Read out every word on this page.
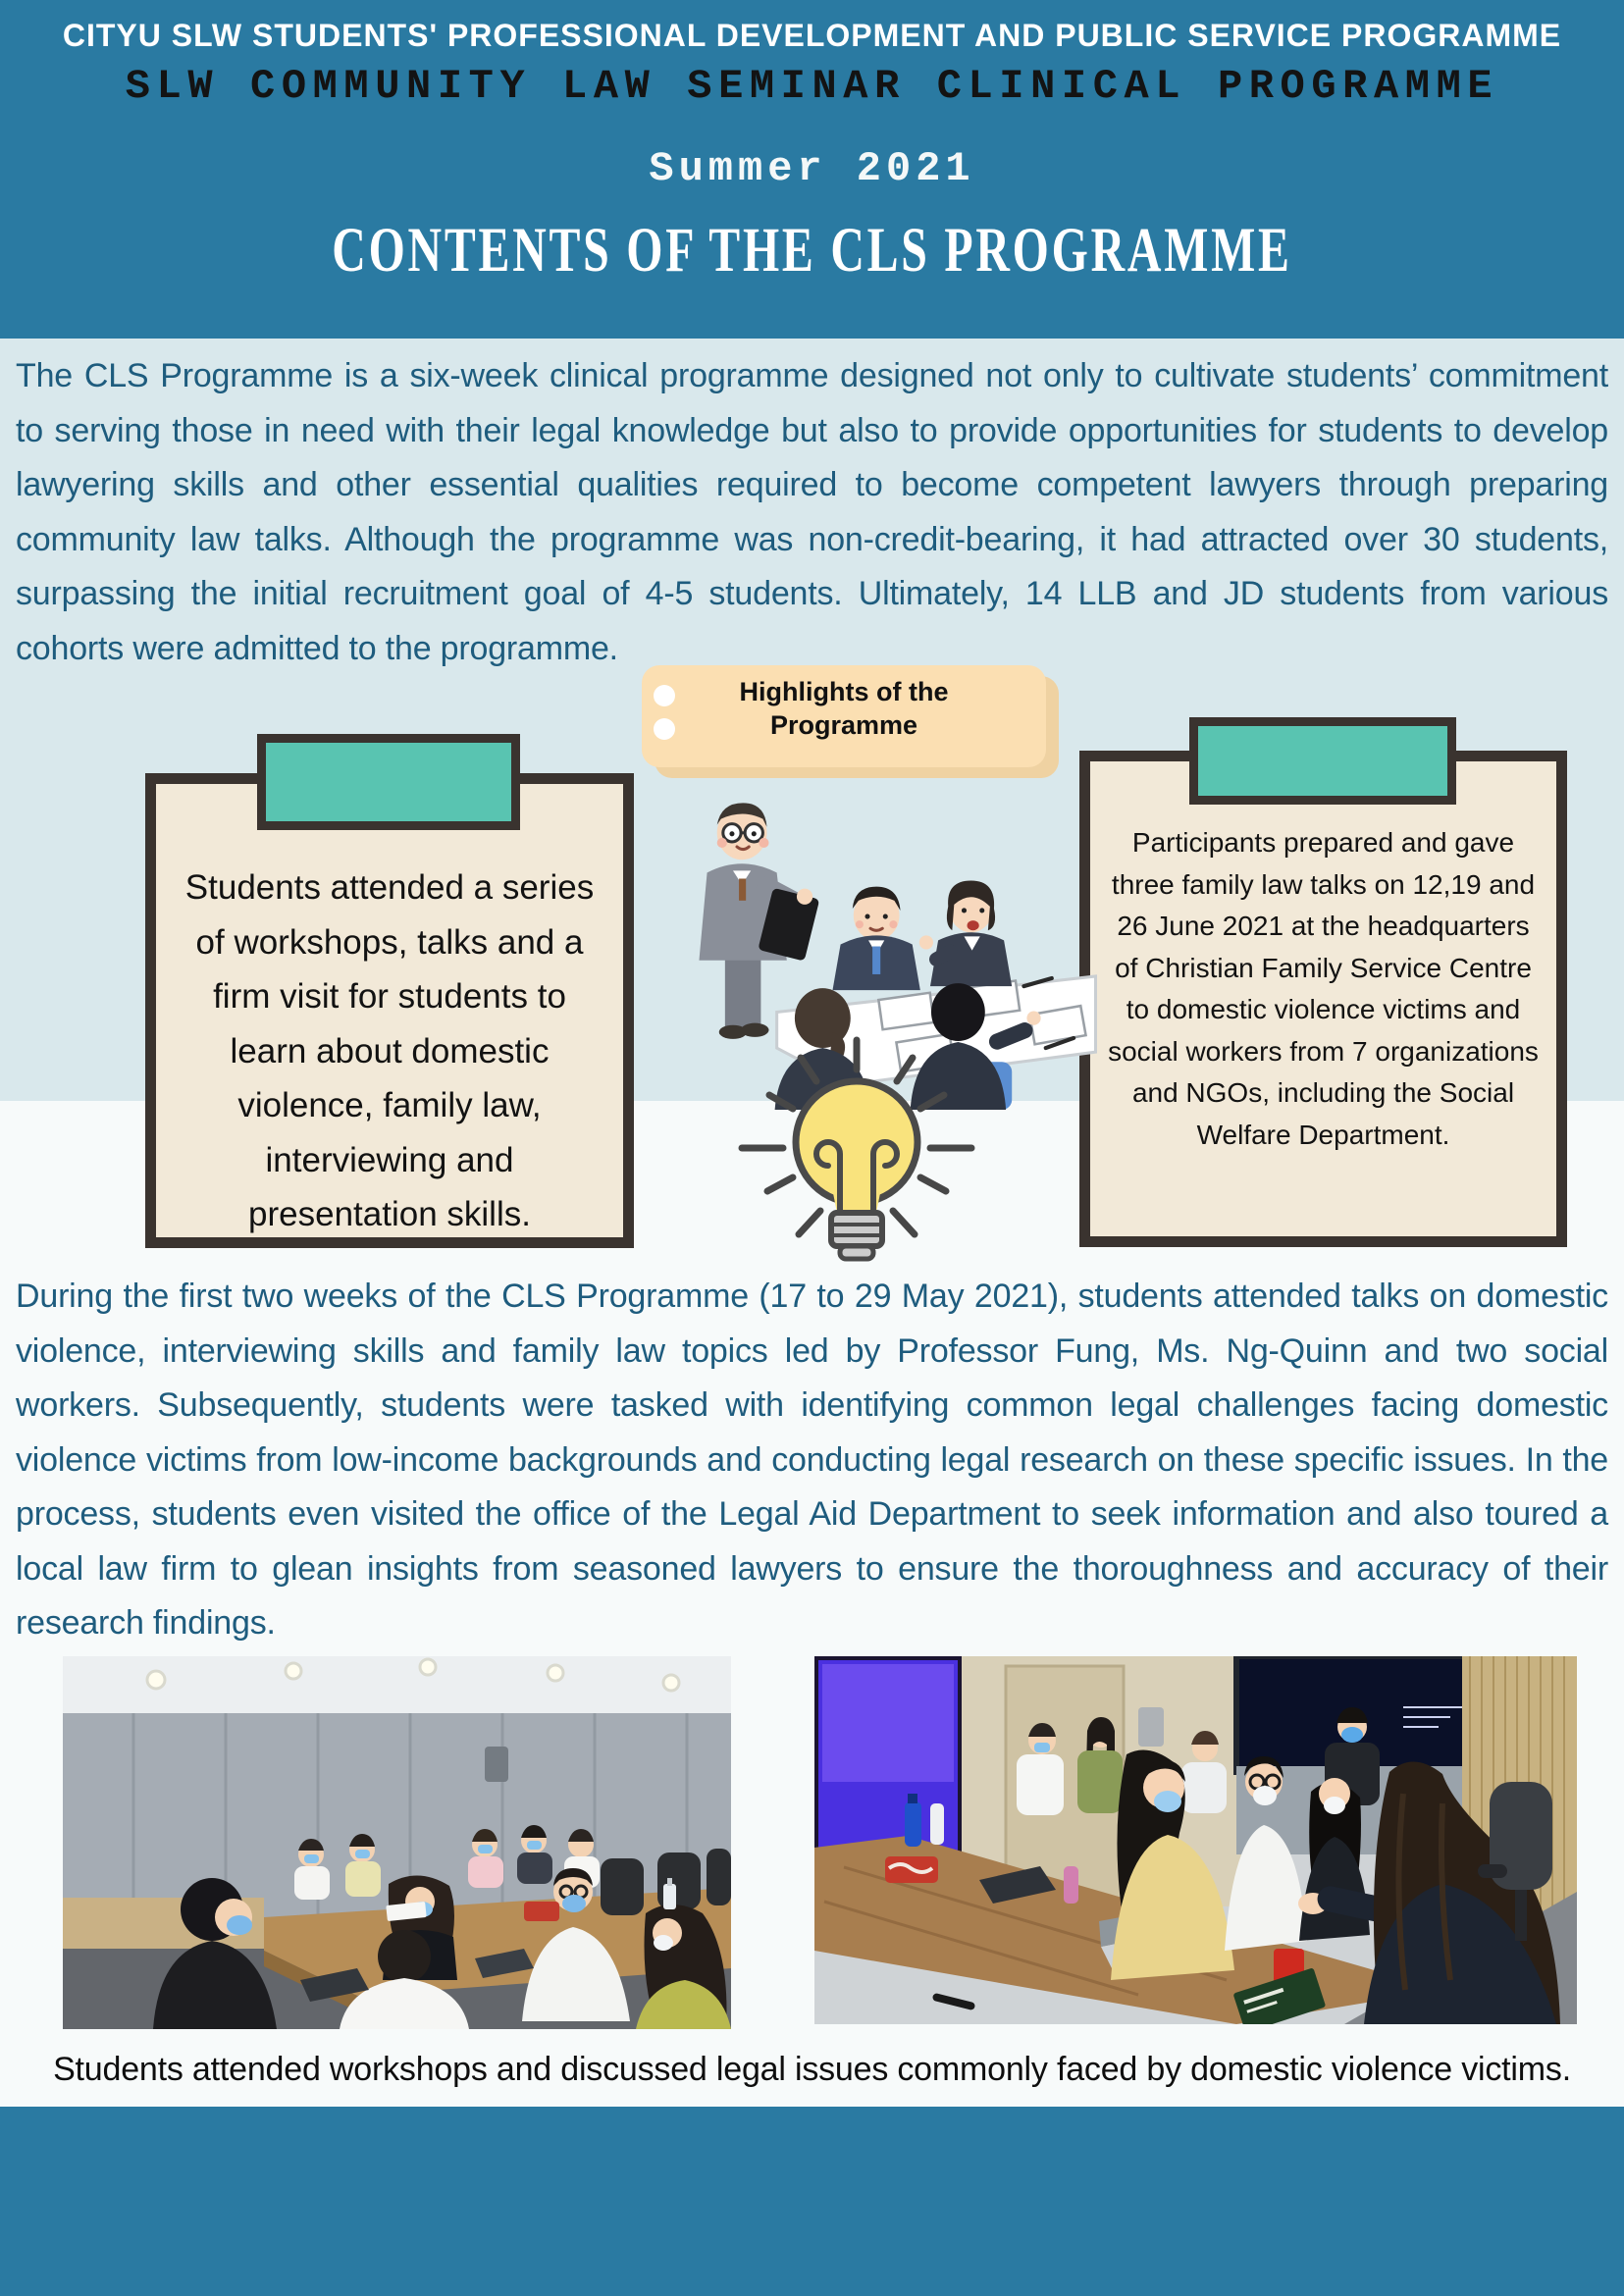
CITYU SLW STUDENTS' PROFESSIONAL DEVELOPMENT AND PUBLIC SERVICE PROGRAMME
SLW COMMUNITY LAW SEMINAR CLINICAL PROGRAMME
Summer 2021
CONTENTS OF THE CLS PROGRAMME
The CLS Programme is a six-week clinical programme designed not only to cultivate students’ commitment to serving those in need with their legal knowledge but also to provide opportunities for students to develop lawyering skills and other essential qualities required to become competent lawyers through preparing community law talks. Although the programme was non-credit-bearing, it had attracted over 30 students, surpassing the initial recruitment goal of 4-5 students. Ultimately, 14 LLB and JD students from various cohorts were admitted to the programme.
Highlights of the Programme
Students attended a series of workshops, talks and a firm visit for students to learn about domestic violence, family law, interviewing and presentation skills.
Participants prepared and gave three family law talks on 12,19 and 26 June 2021 at the headquarters of Christian Family Service Centre to domestic violence victims and social workers from 7 organizations and NGOs, including the Social Welfare Department.
During the first two weeks of the CLS Programme (17 to 29 May 2021), students attended talks on domestic violence, interviewing skills and family law topics led by Professor Fung, Ms. Ng-Quinn and two social workers. Subsequently, students were tasked with identifying common legal challenges facing domestic violence victims from low-income backgrounds and conducting legal research on these specific issues. In the process, students even visited the office of the Legal Aid Department to seek information and also toured a local law firm to glean insights from seasoned lawyers to ensure the thoroughness and accuracy of their research findings.
Students attended workshops and discussed legal issues commonly faced by domestic violence victims.
